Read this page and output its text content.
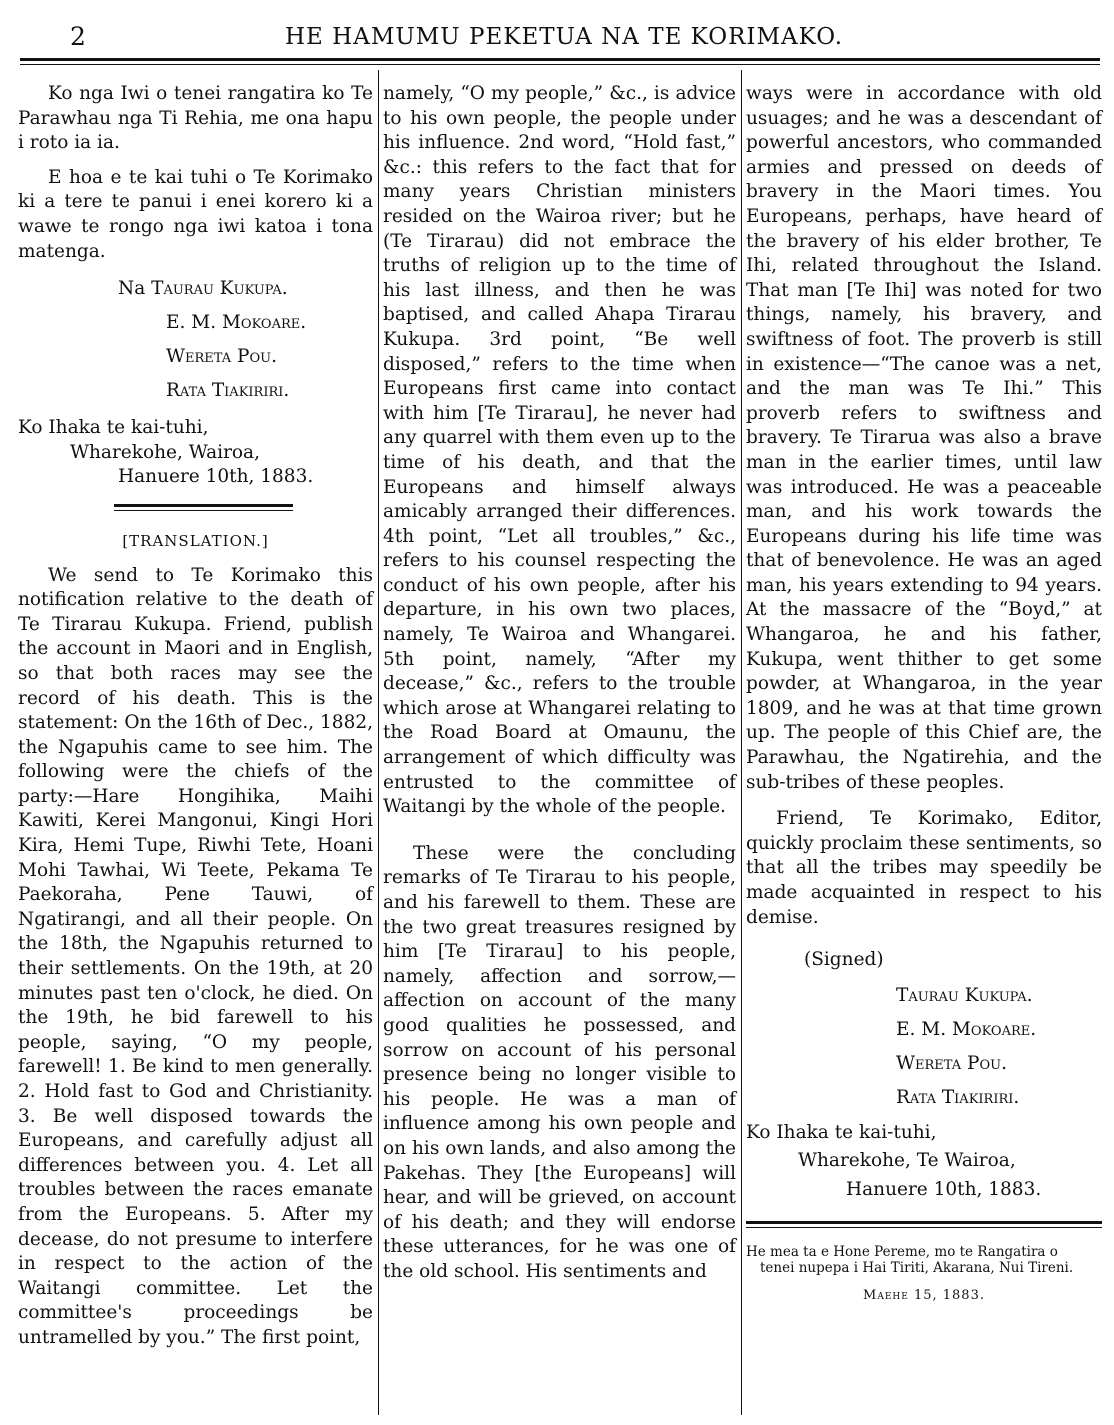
2	HE HAMUMU PEKETUA NA TE KORIMAKO.

Ko nga Iwi o tenei rangatira ko Te Parawhau nga Ti Rehia, me ona hapu i roto ia ia.

E hoa e te kai tuhi o Te Korimako ki a tere te panui i enei korero ki a wawe te rongo nga iwi katoa i tona matenga.

Na Taurau Kukupa.
E. M. Mokoare.
Wereta Pou.
Rata Tiakiriri.
Ko Ihaka te kai-tuhi,
Wharekohe, Wairoa,
Hanuere 10th, 1883.
[TRANSLATION.]

We send to Te Korimako this notification relative to the death of Te Tirarau Kukupa. Friend, publish the account in Maori and in English, so that both races may see the record of his death. This is the statement: On the 16th of Dec., 1882, the Ngapuhis came to see him. The following were the chiefs of the party:—Hare Hongihika, Maihi Kawiti, Kerei Mangonui, Kingi Hori Kira, Hemi Tupe, Riwhi Tete, Hoani Mohi Tawhai, Wi Teete, Pekama Te Paekoraha, Pene Tauwi, of Ngatirangi, and all their people. On the 18th, the Ngapuhis returned to their settlements. On the 19th, at 20 minutes past ten o'clock, he died. On the 19th, he bid farewell to his people, saying, “O my people, farewell! 1. Be kind to men generally. 2. Hold fast to God and Christianity. 3. Be well disposed towards the Europeans, and carefully adjust all differences between you. 4. Let all troubles between the races emanate from the Europeans. 5. After my decease, do not presume to interfere in respect to the action of the Waitangi committee. Let the committee's proceedings be untramelled by you.” The first point,

namely, “O my people,” &c., is advice to his own people, the people under his influence. 2nd word, “Hold fast,” &c.: this refers to the fact that for many years Christian ministers resided on the Wairoa river; but he (Te Tirarau) did not embrace the truths of religion up to the time of his last illness, and then he was baptised, and called Ahapa Tirarau Kukupa. 3rd point, “Be well disposed,” refers to the time when Europeans first came into contact with him [Te Tirarau], he never had any quarrel with them even up to the time of his death, and that the Europeans and himself always amicably arranged their differences. 4th point, “Let all troubles,” &c., refers to his counsel respecting the conduct of his own people, after his departure, in his own two places, namely, Te Wairoa and Whangarei. 5th point, namely, “After my decease,” &c., refers to the trouble which arose at Whangarei relating to the Road Board at Omaunu, the arrangement of which difficulty was entrusted to the committee of Waitangi by the whole of the people.

These were the concluding remarks of Te Tirarau to his people, and his farewell to them. These are the two great treasures resigned by him [Te Tirarau] to his people, namely, affection and sorrow,—affection on account of the many good qualities he possessed, and sorrow on account of his personal presence being no longer visible to his people. He was a man of influence among his own people and on his own lands, and also among the Pakehas. They [the Europeans] will hear, and will be grieved, on account of his death; and they will endorse these utterances, for he was one of the old school. His sentiments and

ways were in accordance with old usuages; and he was a descendant of powerful ancestors, who commanded armies and pressed on deeds of bravery in the Maori times. You Europeans, perhaps, have heard of the bravery of his elder brother, Te Ihi, related throughout the Island. That man [Te Ihi] was noted for two things, namely, his bravery, and swiftness of foot. The proverb is still in existence—“The canoe was a net, and the man was Te Ihi.” This proverb refers to swiftness and bravery. Te Tirarua was also a brave man in the earlier times, until law was introduced. He was a peaceable man, and his work towards the Europeans during his life time was that of benevolence. He was an aged man, his years extending to 94 years. At the massacre of the “Boyd,” at Whangaroa, he and his father, Kukupa, went thither to get some powder, at Whangaroa, in the year 1809, and he was at that time grown up. The people of this Chief are, the Parawhau, the Ngatirehia, and the sub-tribes of these peoples.

Friend, Te Korimako, Editor, quickly proclaim these sentiments, so that all the tribes may speedily be made acquainted in respect to his demise.

(Signed)
Taurau Kukupa.
E. M. Mokoare.
Wereta Pou.
Rata Tiakiriri.
Ko Ihaka te kai-tuhi,
Wharekohe, Te Wairoa,
Hanuere 10th, 1883.
He mea ta e Hone Pereme, mo te Rangatira o
tenei nupepa i Hai Tiriti, Akarana, Nui Tireni.
Maehe 15, 1883.
